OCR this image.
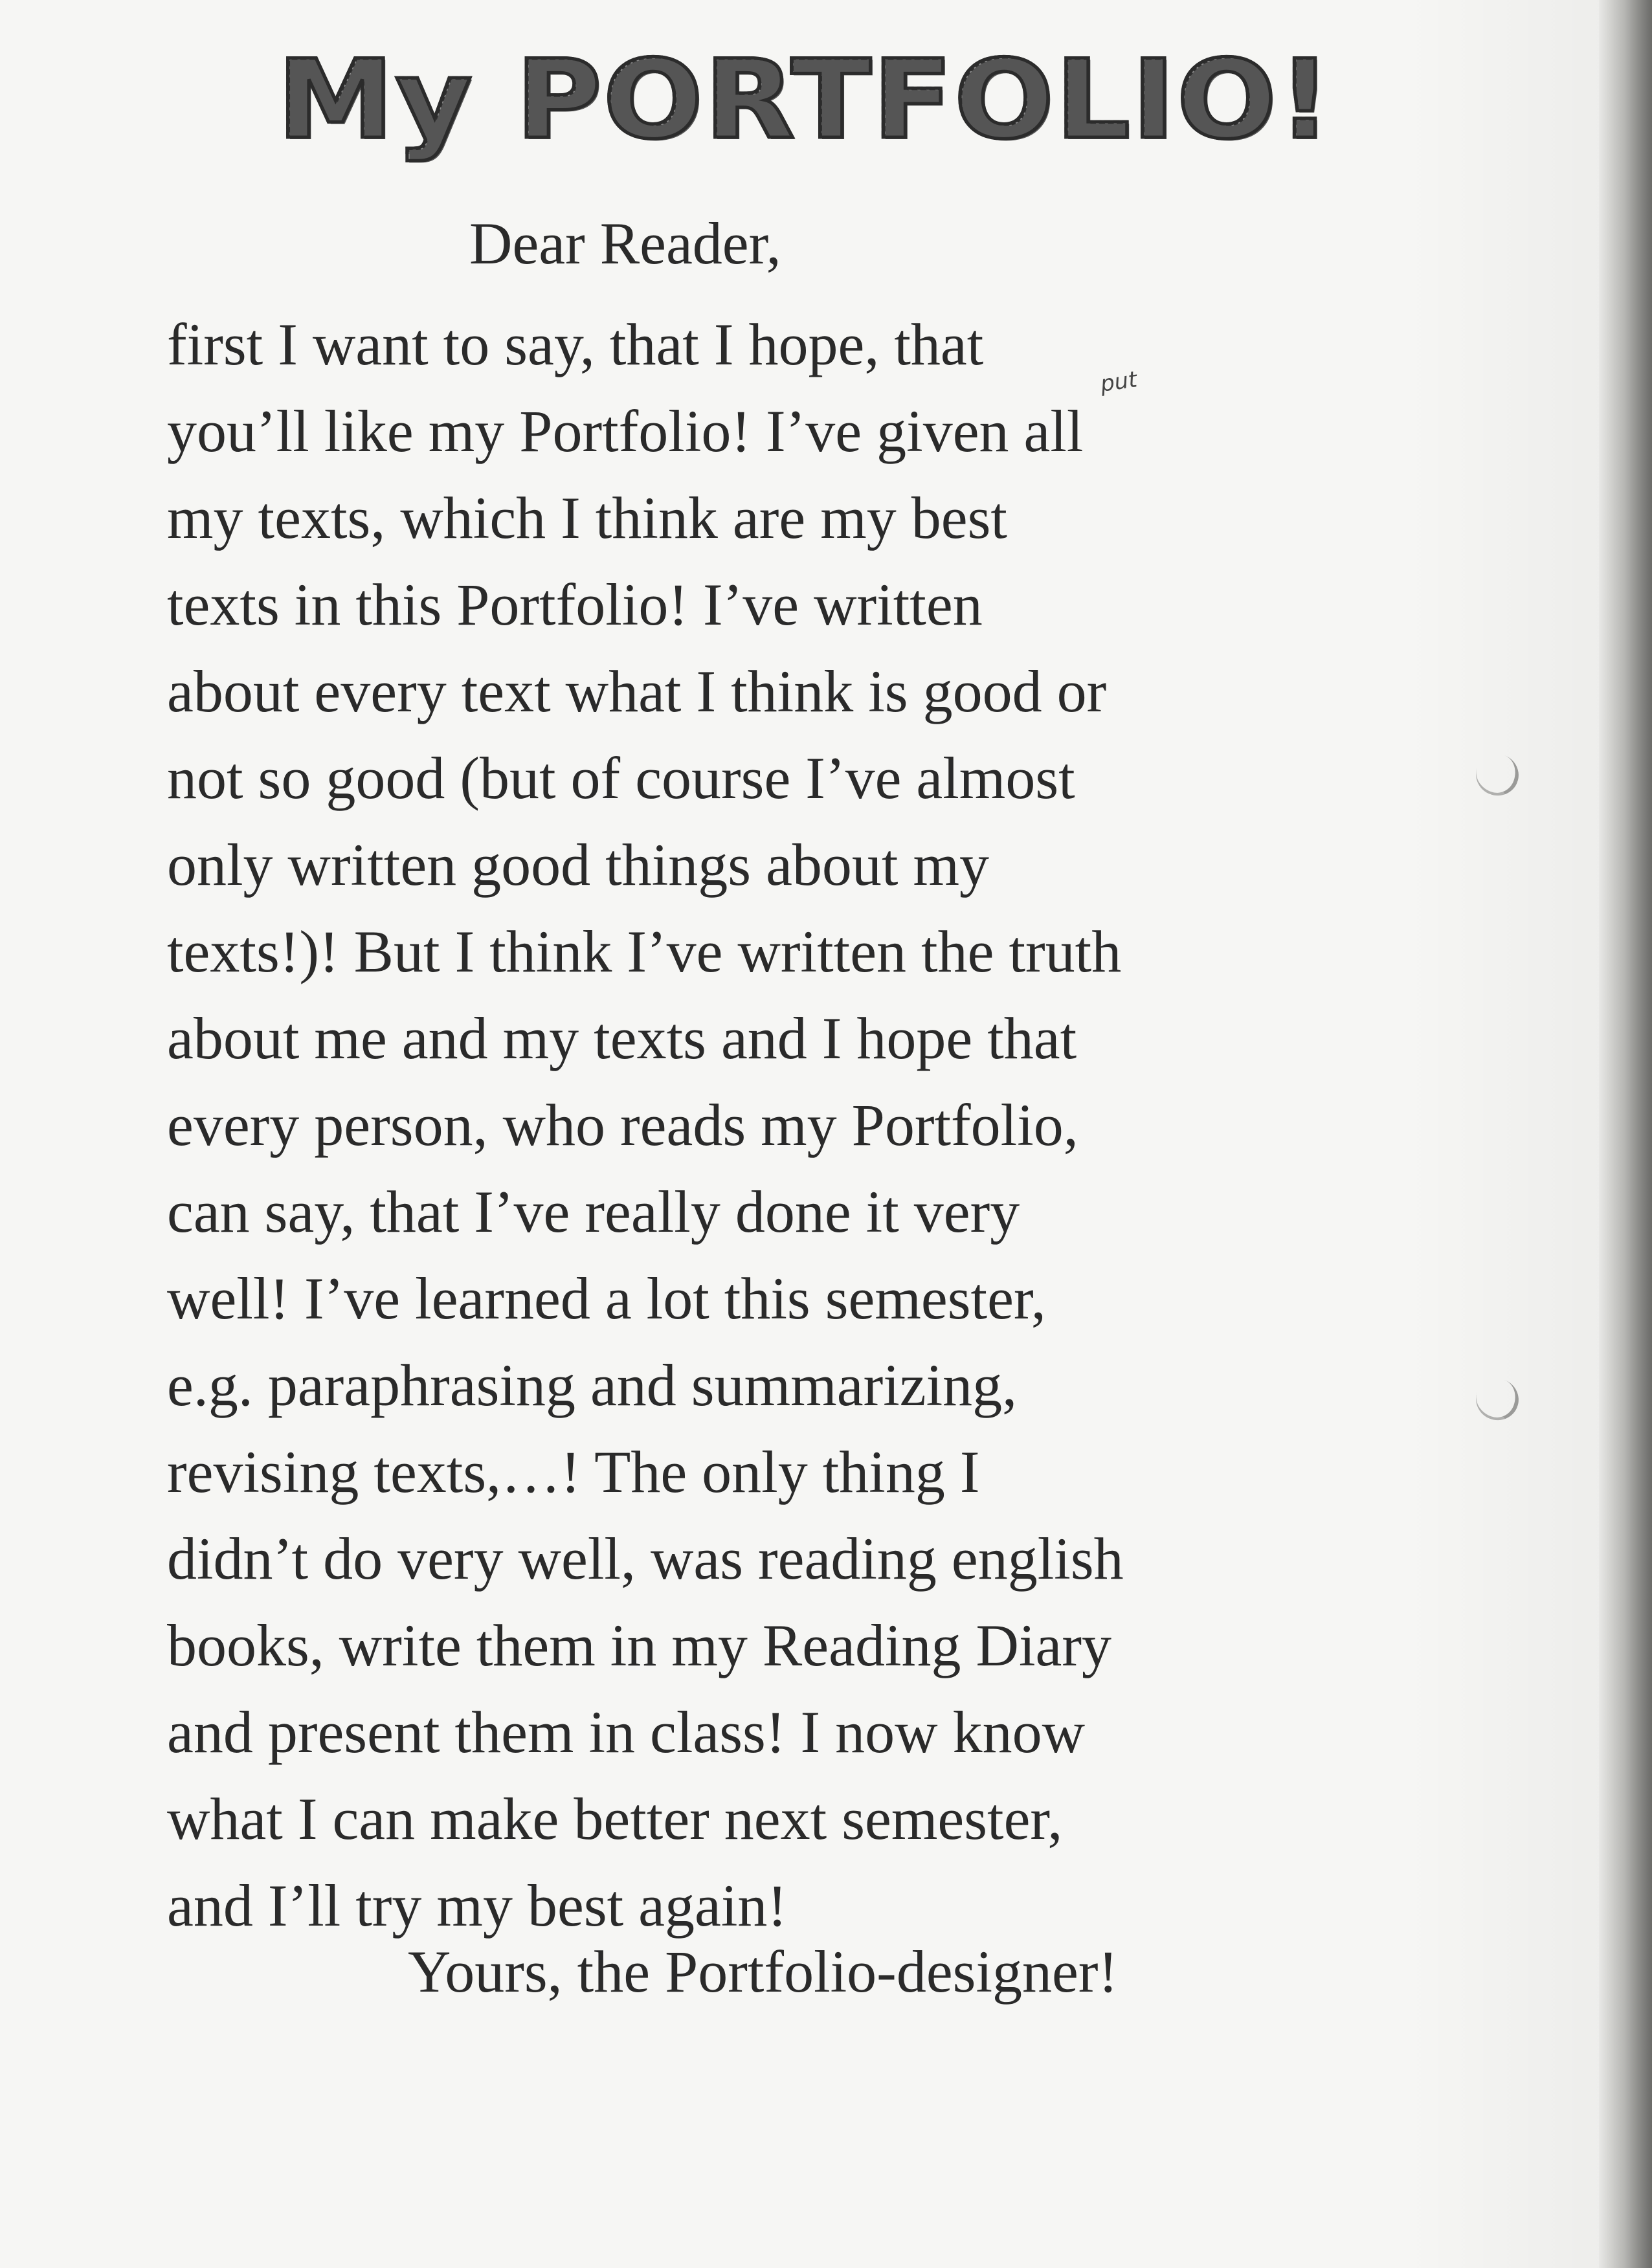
My PORTFOLIO!
put
Dear Reader,
first I want to say, that I hope, that
you’ll like my Portfolio! I’ve given all
my texts, which I think are my best
texts in this Portfolio! I’ve written
about every text what I think is good or
not so good (but of course I’ve almost
only written good things about my
texts!)! But I think I’ve written the truth
about me and my texts and I hope that
every person, who reads my Portfolio,
can say, that I’ve really done it very
well! I’ve learned a lot this semester,
e.g. paraphrasing and summarizing,
revising texts,…! The only thing I
didn’t do very well, was reading english
books, write them in my Reading Diary
and present them in class! I now know
what I can make better next semester,
and I’ll try my best again!
Yours, the Portfolio-designer!
